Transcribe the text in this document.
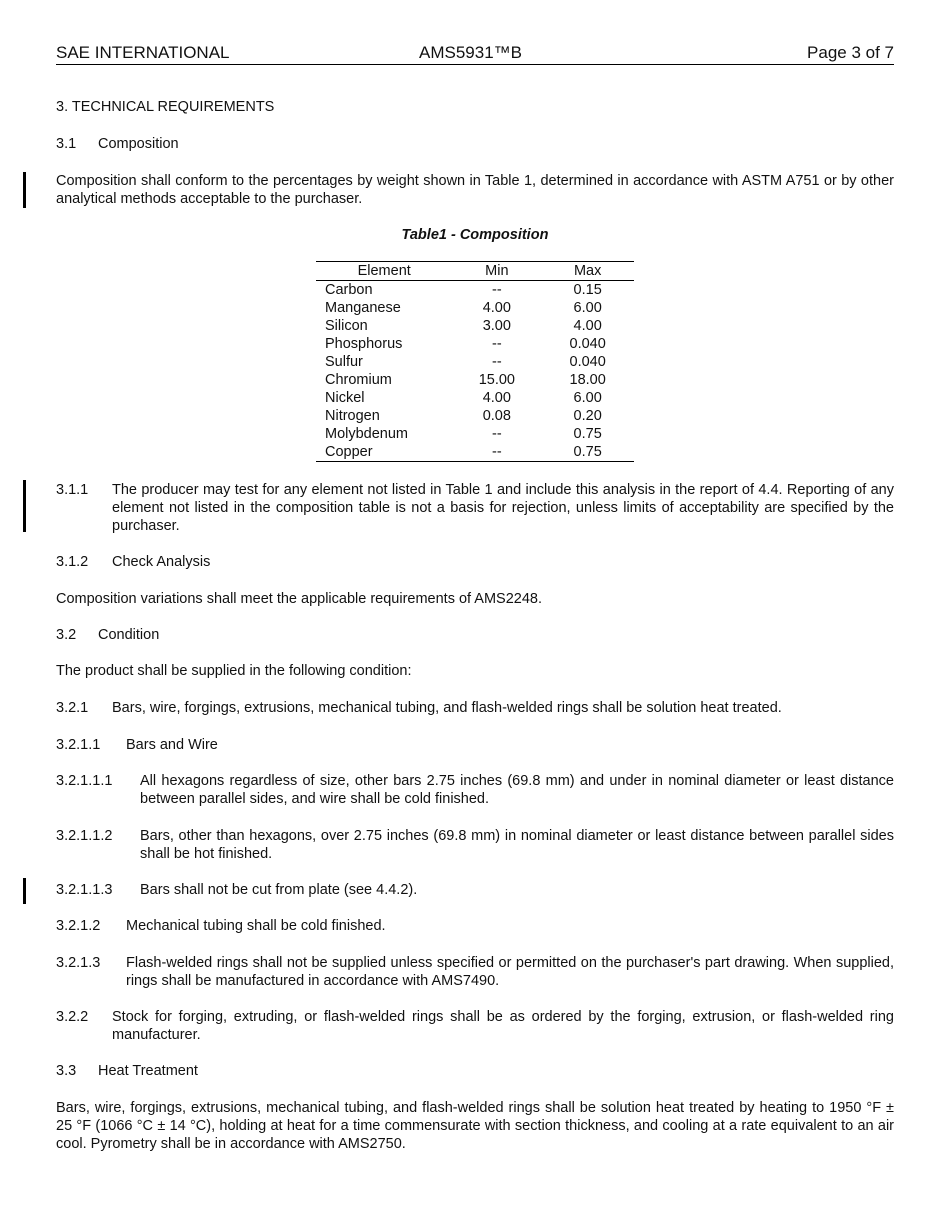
SAE INTERNATIONAL	AMS5931™B	Page 3 of 7
3. TECHNICAL REQUIREMENTS
3.1 Composition
Composition shall conform to the percentages by weight shown in Table 1, determined in accordance with ASTM A751 or by other analytical methods acceptable to the purchaser.
Table1 - Composition
Element	Min	Max
Carbon	--	0.15
Manganese	4.00	6.00
Silicon	3.00	4.00
Phosphorus	--	0.040
Sulfur	--	0.040
Chromium	15.00	18.00
Nickel	4.00	6.00
Nitrogen	0.08	0.20
Molybdenum	--	0.75
Copper	--	0.75
3.1.1 The producer may test for any element not listed in Table 1 and include this analysis in the report of 4.4. Reporting of any element not listed in the composition table is not a basis for rejection, unless limits of acceptability are specified by the purchaser.
3.1.2 Check Analysis
Composition variations shall meet the applicable requirements of AMS2248.
3.2 Condition
The product shall be supplied in the following condition:
3.2.1 Bars, wire, forgings, extrusions, mechanical tubing, and flash-welded rings shall be solution heat treated.
3.2.1.1 Bars and Wire
3.2.1.1.1 All hexagons regardless of size, other bars 2.75 inches (69.8 mm) and under in nominal diameter or least distance between parallel sides, and wire shall be cold finished.
3.2.1.1.2 Bars, other than hexagons, over 2.75 inches (69.8 mm) in nominal diameter or least distance between parallel sides shall be hot finished.
3.2.1.1.3 Bars shall not be cut from plate (see 4.4.2).
3.2.1.2 Mechanical tubing shall be cold finished.
3.2.1.3 Flash-welded rings shall not be supplied unless specified or permitted on the purchaser's part drawing. When supplied, rings shall be manufactured in accordance with AMS7490.
3.2.2 Stock for forging, extruding, or flash-welded rings shall be as ordered by the forging, extrusion, or flash-welded ring manufacturer.
3.3 Heat Treatment
Bars, wire, forgings, extrusions, mechanical tubing, and flash-welded rings shall be solution heat treated by heating to 1950 °F ± 25 °F (1066 °C ± 14 °C), holding at heat for a time commensurate with section thickness, and cooling at a rate equivalent to an air cool. Pyrometry shall be in accordance with AMS2750.
